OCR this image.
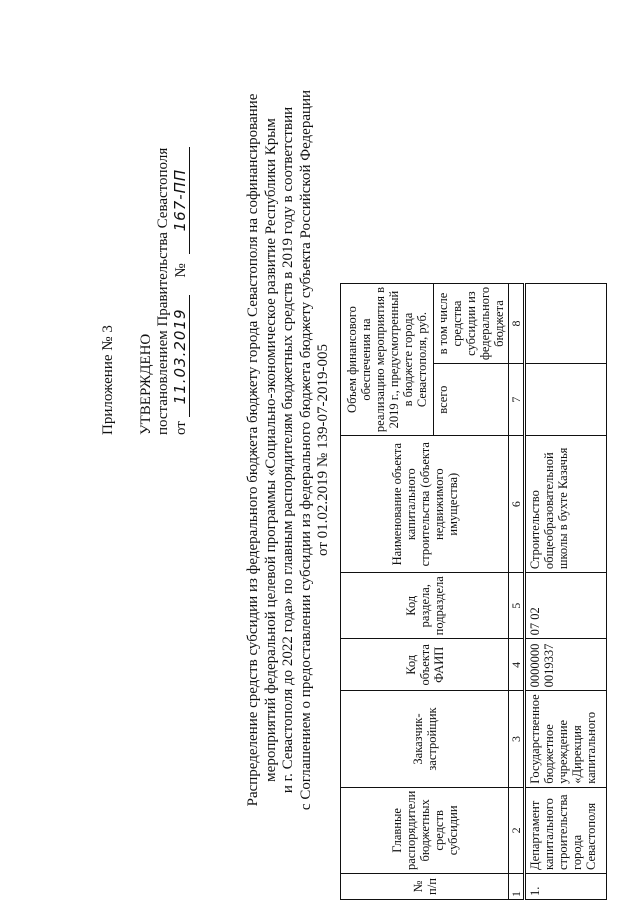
Приложение № 3 УТВЕРЖДЕНО постановлением Правительства Севастополя от 11.03.2019 № 167-ПП	Распределение средств субсидии из федерального бюджета бюджету города Севастополя на софинансирование мероприятий федеральной целевой программы «Социально-экономическое развитие Республики Крым и г. Севастополя до 2022 года» по главным распорядителям бюджетных средств в 2019 году в соответствии с Соглашением о предоставлении субсидии из федерального бюджета бюджету субъекта Российской Федерации от 01.02.2019 № 139-07-2019-005
№ п/п	Главные распорядители бюджетных средств субсидии	Заказчик-застройщик	Код объекта ФАИП	Код раздела, подраздела	Наименование объекта капитального строительства (объекта недвижимого имущества)	Объем финансового обеспечения на реализацию мероприятия в 2019 г., предусмотренный в бюджете города Севастополя, руб.	
						всего	в том числе средства субсидии из федерального бюджета
1	2	3	4	5	6	7	8
1.	Департамент капитального строительства города Севастополя	Государственное бюджетное учреждение «Дирекция капитального	0000000 0019337	07 02	Строительство общеобразовательной школы в бухте Казачья		
